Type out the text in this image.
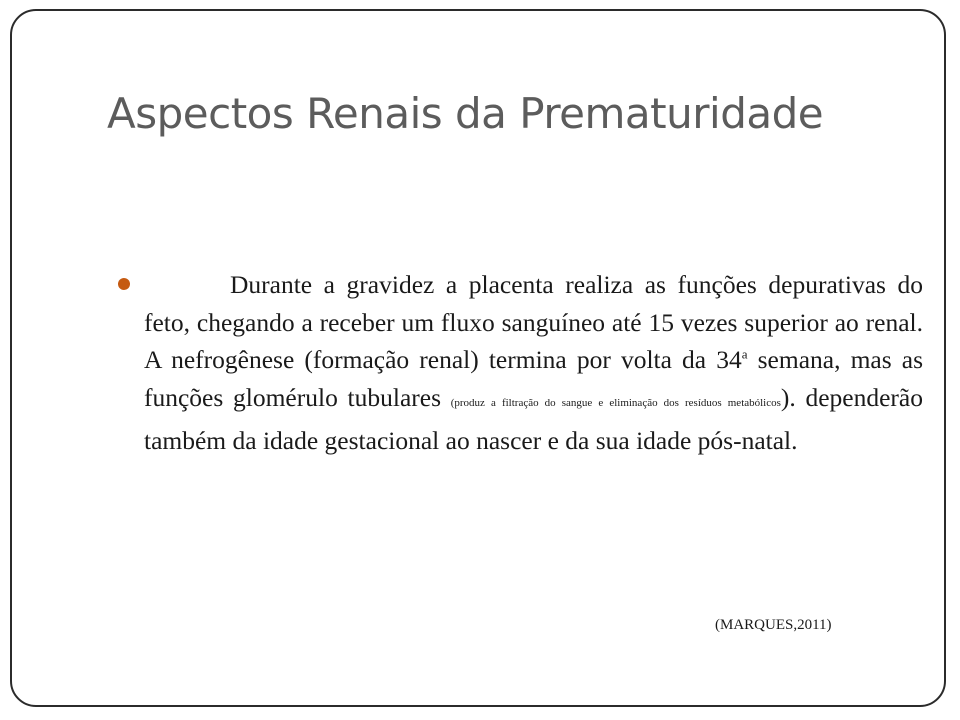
Aspectos Renais da Prematuridade

Durante a gravidez a placenta realiza as funções depurativas do feto, chegando a receber um fluxo sanguíneo até 15 vezes superior ao renal. A nefrogênese (formação renal) termina por volta da 34$^a$ semana, mas as funções glomérulo tubulares (produz a filtração do sangue e eliminação dos resíduos metabólicos). dependerão também da idade gestacional ao nascer e da sua idade pós-natal.

(MARQUES,2011)
